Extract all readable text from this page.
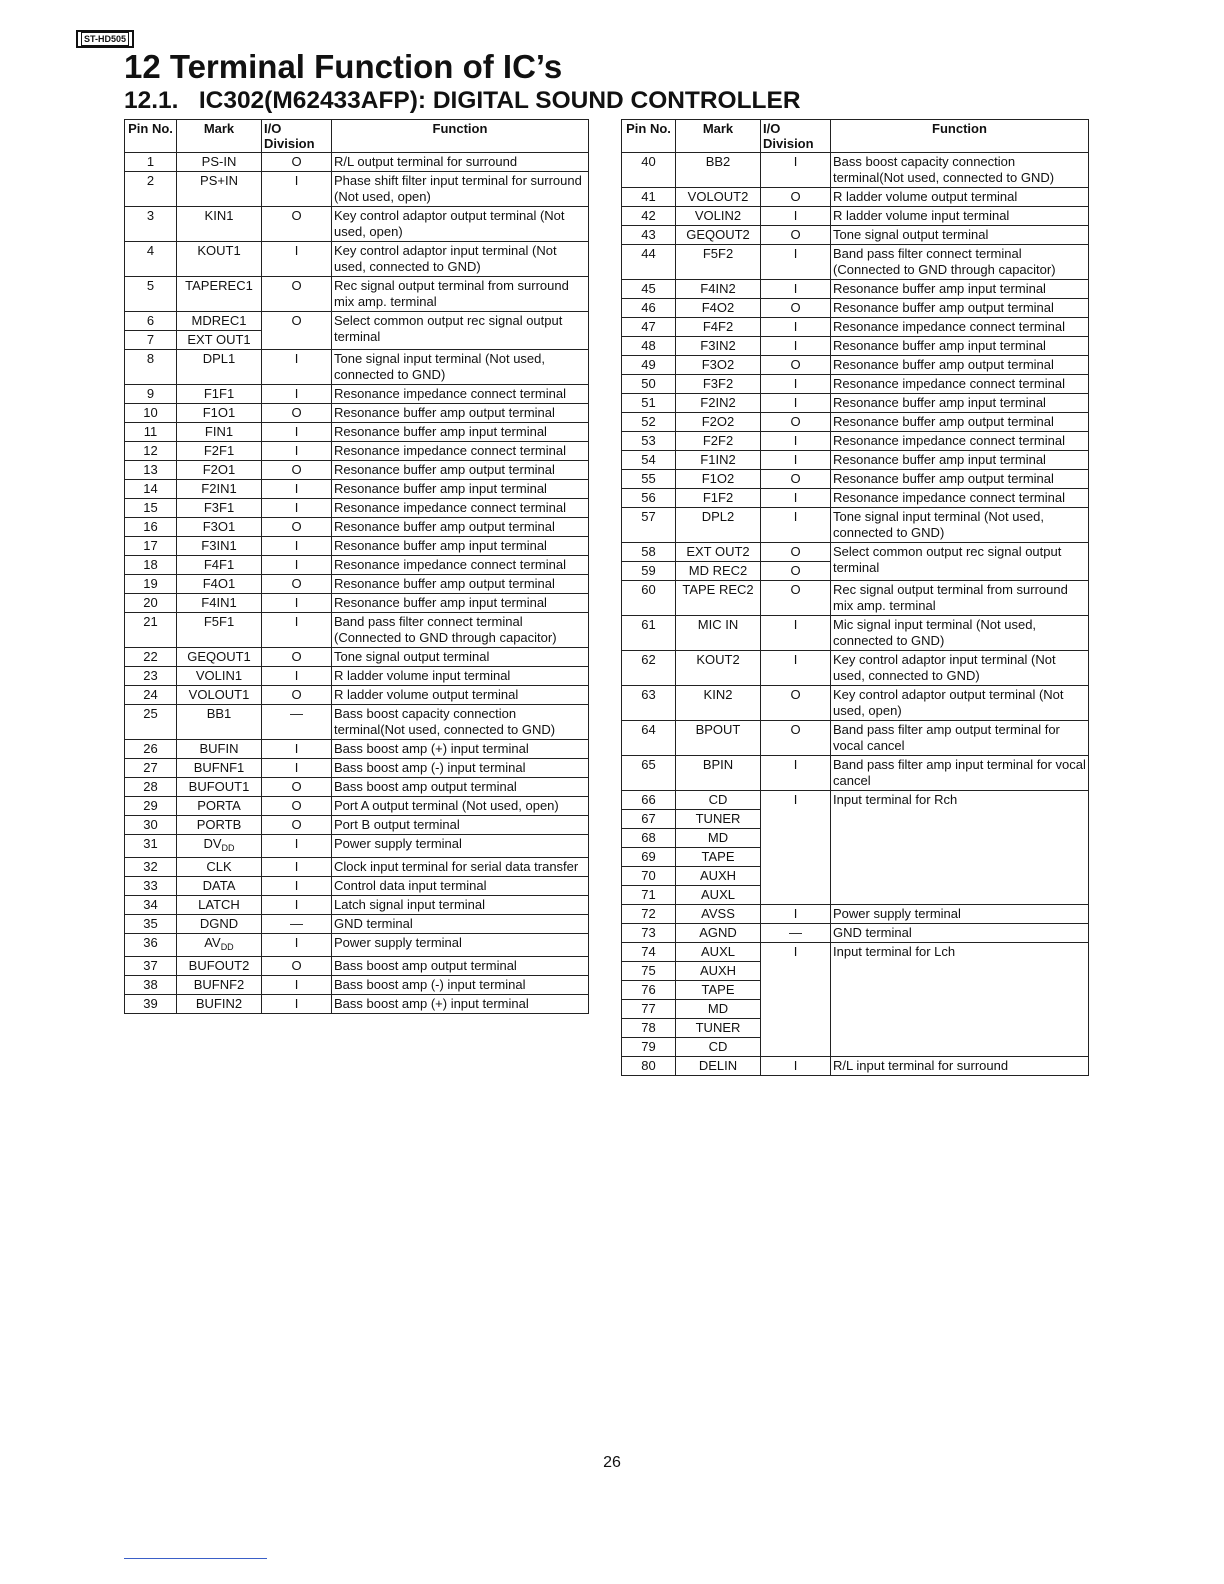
ST-HD505
12 Terminal Function of IC’s
12.1.   IC302(M62433AFP): DIGITAL SOUND CONTROLLER
Pin No.	Mark	I/O Division	Function
1	PS-IN	O	R/L output terminal for surround
2	PS+IN	I	Phase shift filter input terminal for surround (Not used, open)
3	KIN1	O	Key control adaptor output terminal (Not used, open)
4	KOUT1	I	Key control adaptor input terminal (Not used, connected to GND)
5	TAPEREC1	O	Rec signal output terminal from surround mix amp. terminal
6	MDREC1	O	Select common output rec signal output terminal
7	EXT OUT1		
8	DPL1	I	Tone signal input terminal (Not used, connected to GND)
9	F1F1	I	Resonance impedance connect terminal
10	F1O1	O	Resonance buffer amp output terminal
11	FIN1	I	Resonance buffer amp input terminal
12	F2F1	I	Resonance impedance connect terminal
13	F2O1	O	Resonance buffer amp output terminal
14	F2IN1	I	Resonance buffer amp input terminal
15	F3F1	I	Resonance impedance connect terminal
16	F3O1	O	Resonance buffer amp output terminal
17	F3IN1	I	Resonance buffer amp input terminal
18	F4F1	I	Resonance impedance connect terminal
19	F4O1	O	Resonance buffer amp output terminal
20	F4IN1	I	Resonance buffer amp input terminal
21	F5F1	I	Band pass filter connect terminal (Connected to GND through capacitor)
22	GEQOUT1	O	Tone signal output terminal
23	VOLIN1	I	R ladder volume input terminal
24	VOLOUT1	O	R ladder volume output terminal
25	BB1	—	Bass boost capacity connection terminal(Not used, connected to GND)
26	BUFIN	I	Bass boost amp (+) input terminal
27	BUFNF1	I	Bass boost amp (-) input terminal
28	BUFOUT1	O	Bass boost amp output terminal
29	PORTA	O	Port A output terminal (Not used, open)
30	PORTB	O	Port B output terminal
31	$DV_{DD}$	I	Power supply terminal
32	CLK	I	Clock input terminal for serial data transfer
33	DATA	I	Control data input terminal
34	LATCH	I	Latch signal input terminal
35	DGND	—	GND terminal
36	$AV_{DD}$	I	Power supply terminal
37	BUFOUT2	O	Bass boost amp output terminal
38	BUFNF2	I	Bass boost amp (-) input terminal
39	BUFIN2	I	Bass boost amp (+) input terminal
Pin No.	Mark	I/O Division	Function
40	BB2	I	Bass boost capacity connection terminal(Not used, connected to GND)
41	VOLOUT2	O	R ladder volume output terminal
42	VOLIN2	I	R ladder volume input terminal
43	GEQOUT2	O	Tone signal output terminal
44	F5F2	I	Band pass filter connect terminal (Connected to GND through capacitor)
45	F4IN2	I	Resonance buffer amp input terminal
46	F4O2	O	Resonance buffer amp output terminal
47	F4F2	I	Resonance impedance connect terminal
48	F3IN2	I	Resonance buffer amp input terminal
49	F3O2	O	Resonance buffer amp output terminal
50	F3F2	I	Resonance impedance connect terminal
51	F2IN2	I	Resonance buffer amp input terminal
52	F2O2	O	Resonance buffer amp output terminal
53	F2F2	I	Resonance impedance connect terminal
54	F1IN2	I	Resonance buffer amp input terminal
55	F1O2	O	Resonance buffer amp output terminal
56	F1F2	I	Resonance impedance connect terminal
57	DPL2	I	Tone signal input terminal (Not used, connected to GND)
58	EXT OUT2	O	Select common output rec signal output terminal
59	MD REC2	O	
60	TAPE REC2	O	Rec signal output terminal from surround mix amp. terminal
61	MIC IN	I	Mic signal input terminal (Not used, connected to GND)
62	KOUT2	I	Key control adaptor input terminal (Not used, connected to GND)
63	KIN2	O	Key control adaptor output terminal (Not used, open)
64	BPOUT	O	Band pass filter amp output terminal for vocal cancel
65	BPIN	I	Band pass filter amp input terminal for vocal cancel
66	CD	I	Input terminal for Rch
67	TUNER		
68	MD		
69	TAPE		
70	AUXH		
71	AUXL		
72	AVSS	I	Power supply terminal
73	AGND	—	GND terminal
74	AUXL	I	Input terminal for Lch
75	AUXH		
76	TAPE		
77	MD		
78	TUNER		
79	CD		
80	DELIN	I	R/L input terminal for surround
26
